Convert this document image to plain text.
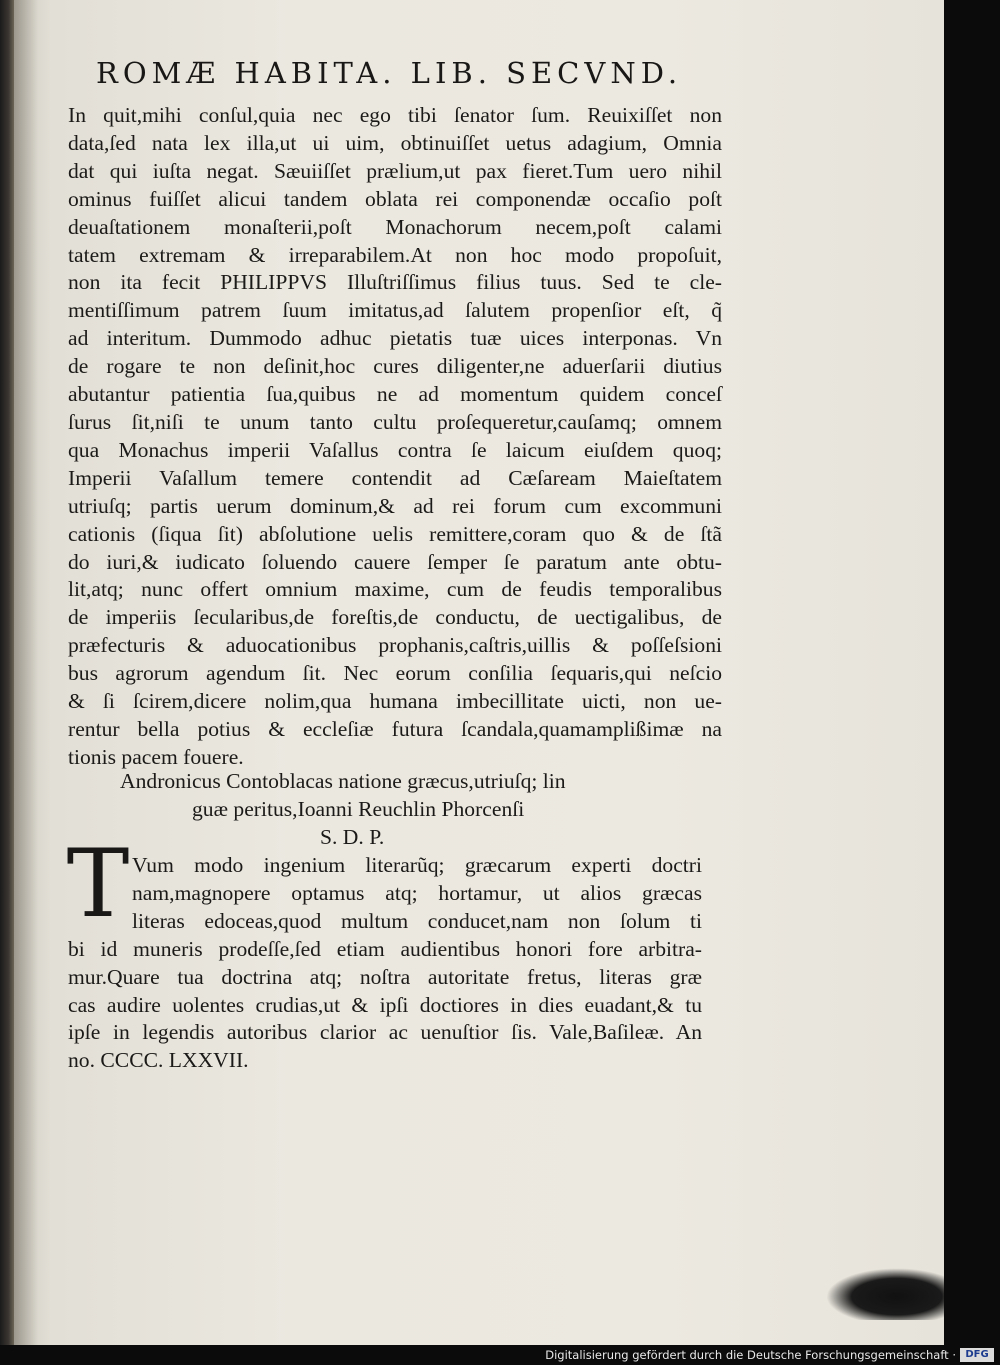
ROMÆ HABITA. LIB. SECVND.
In quit,mihi conſul,quia nec ego tibi ſenator ſum. Reuixiſſet non
data,ſed nata lex illa,ut ui uim, obtinuiſſet uetus adagium, Omnia
dat qui iuſta negat. Sæuiiſſet prælium,ut pax fieret.Tum uero nihil
ominus fuiſſet alicui tandem oblata rei componendæ occaſio poſt
deuaſtationem monaſterii,poſt Monachorum necem,poſt calami
tatem extremam & irreparabilem.At non hoc modo propoſuit,
non ita fecit PHILIPPVS Illuſtriſſimus filius tuus. Sed te cle-
mentiſſimum patrem ſuum imitatus,ad ſalutem propenſior eſt, q̃
ad interitum. Dummodo adhuc pietatis tuæ uices interponas. Vn
de rogare te non deſinit,hoc cures diligenter,ne aduerſarii diutius
abutantur patientia ſua,quibus ne ad momentum quidem conceſ
ſurus ſit,niſi te unum tanto cultu proſequeretur,cauſamq; omnem
qua Monachus imperii Vaſallus contra ſe laicum eiuſdem quoq;
Imperii Vaſallum temere contendit ad Cæſaream Maieſtatem
utriuſq; partis uerum dominum,& ad rei forum cum excommuni
cationis (ſiqua ſit) abſolutione uelis remittere,coram quo & de ſtã
do iuri,& iudicato ſoluendo cauere ſemper ſe paratum ante obtu-
lit,atq; nunc offert omnium maxime, cum de feudis temporalibus
de imperiis ſecularibus,de foreſtis,de conductu, de uectigalibus, de
præfecturis & aduocationibus prophanis,caſtris,uillis & poſſeſsioni
bus agrorum agendum ſit. Nec eorum conſilia ſequaris,qui neſcio
& ſi ſcirem,dicere nolim,qua humana imbecillitate uicti, non ue-
rentur bella potius & eccleſiæ futura ſcandala,quamamplißimæ na
tionis pacem fouere.
Andronicus Contoblacas natione græcus,utriuſq; lin
guæ peritus,Ioanni Reuchlin Phorcenſi
S. D. P.
T Vum modo ingenium literarũq; græcarum experti doctri
nam,magnopere optamus atq; hortamur, ut alios græcas
literas edoceas,quod multum conducet,nam non ſolum ti
bi id muneris prodeſſe,ſed etiam audientibus honori fore arbitra-
mur.Quare tua doctrina atq; noſtra autoritate fretus, literas græ
cas audire uolentes crudias,ut & ipſi doctiores in dies euadant,& tu
ipſe in legendis autoribus clarior ac uenuſtior ſis. Vale,Baſileæ. An
no. CCCC. LXXVII.
Digitalisierung gefördert durch die Deutsche Forschungsgemeinschaft · DFG
